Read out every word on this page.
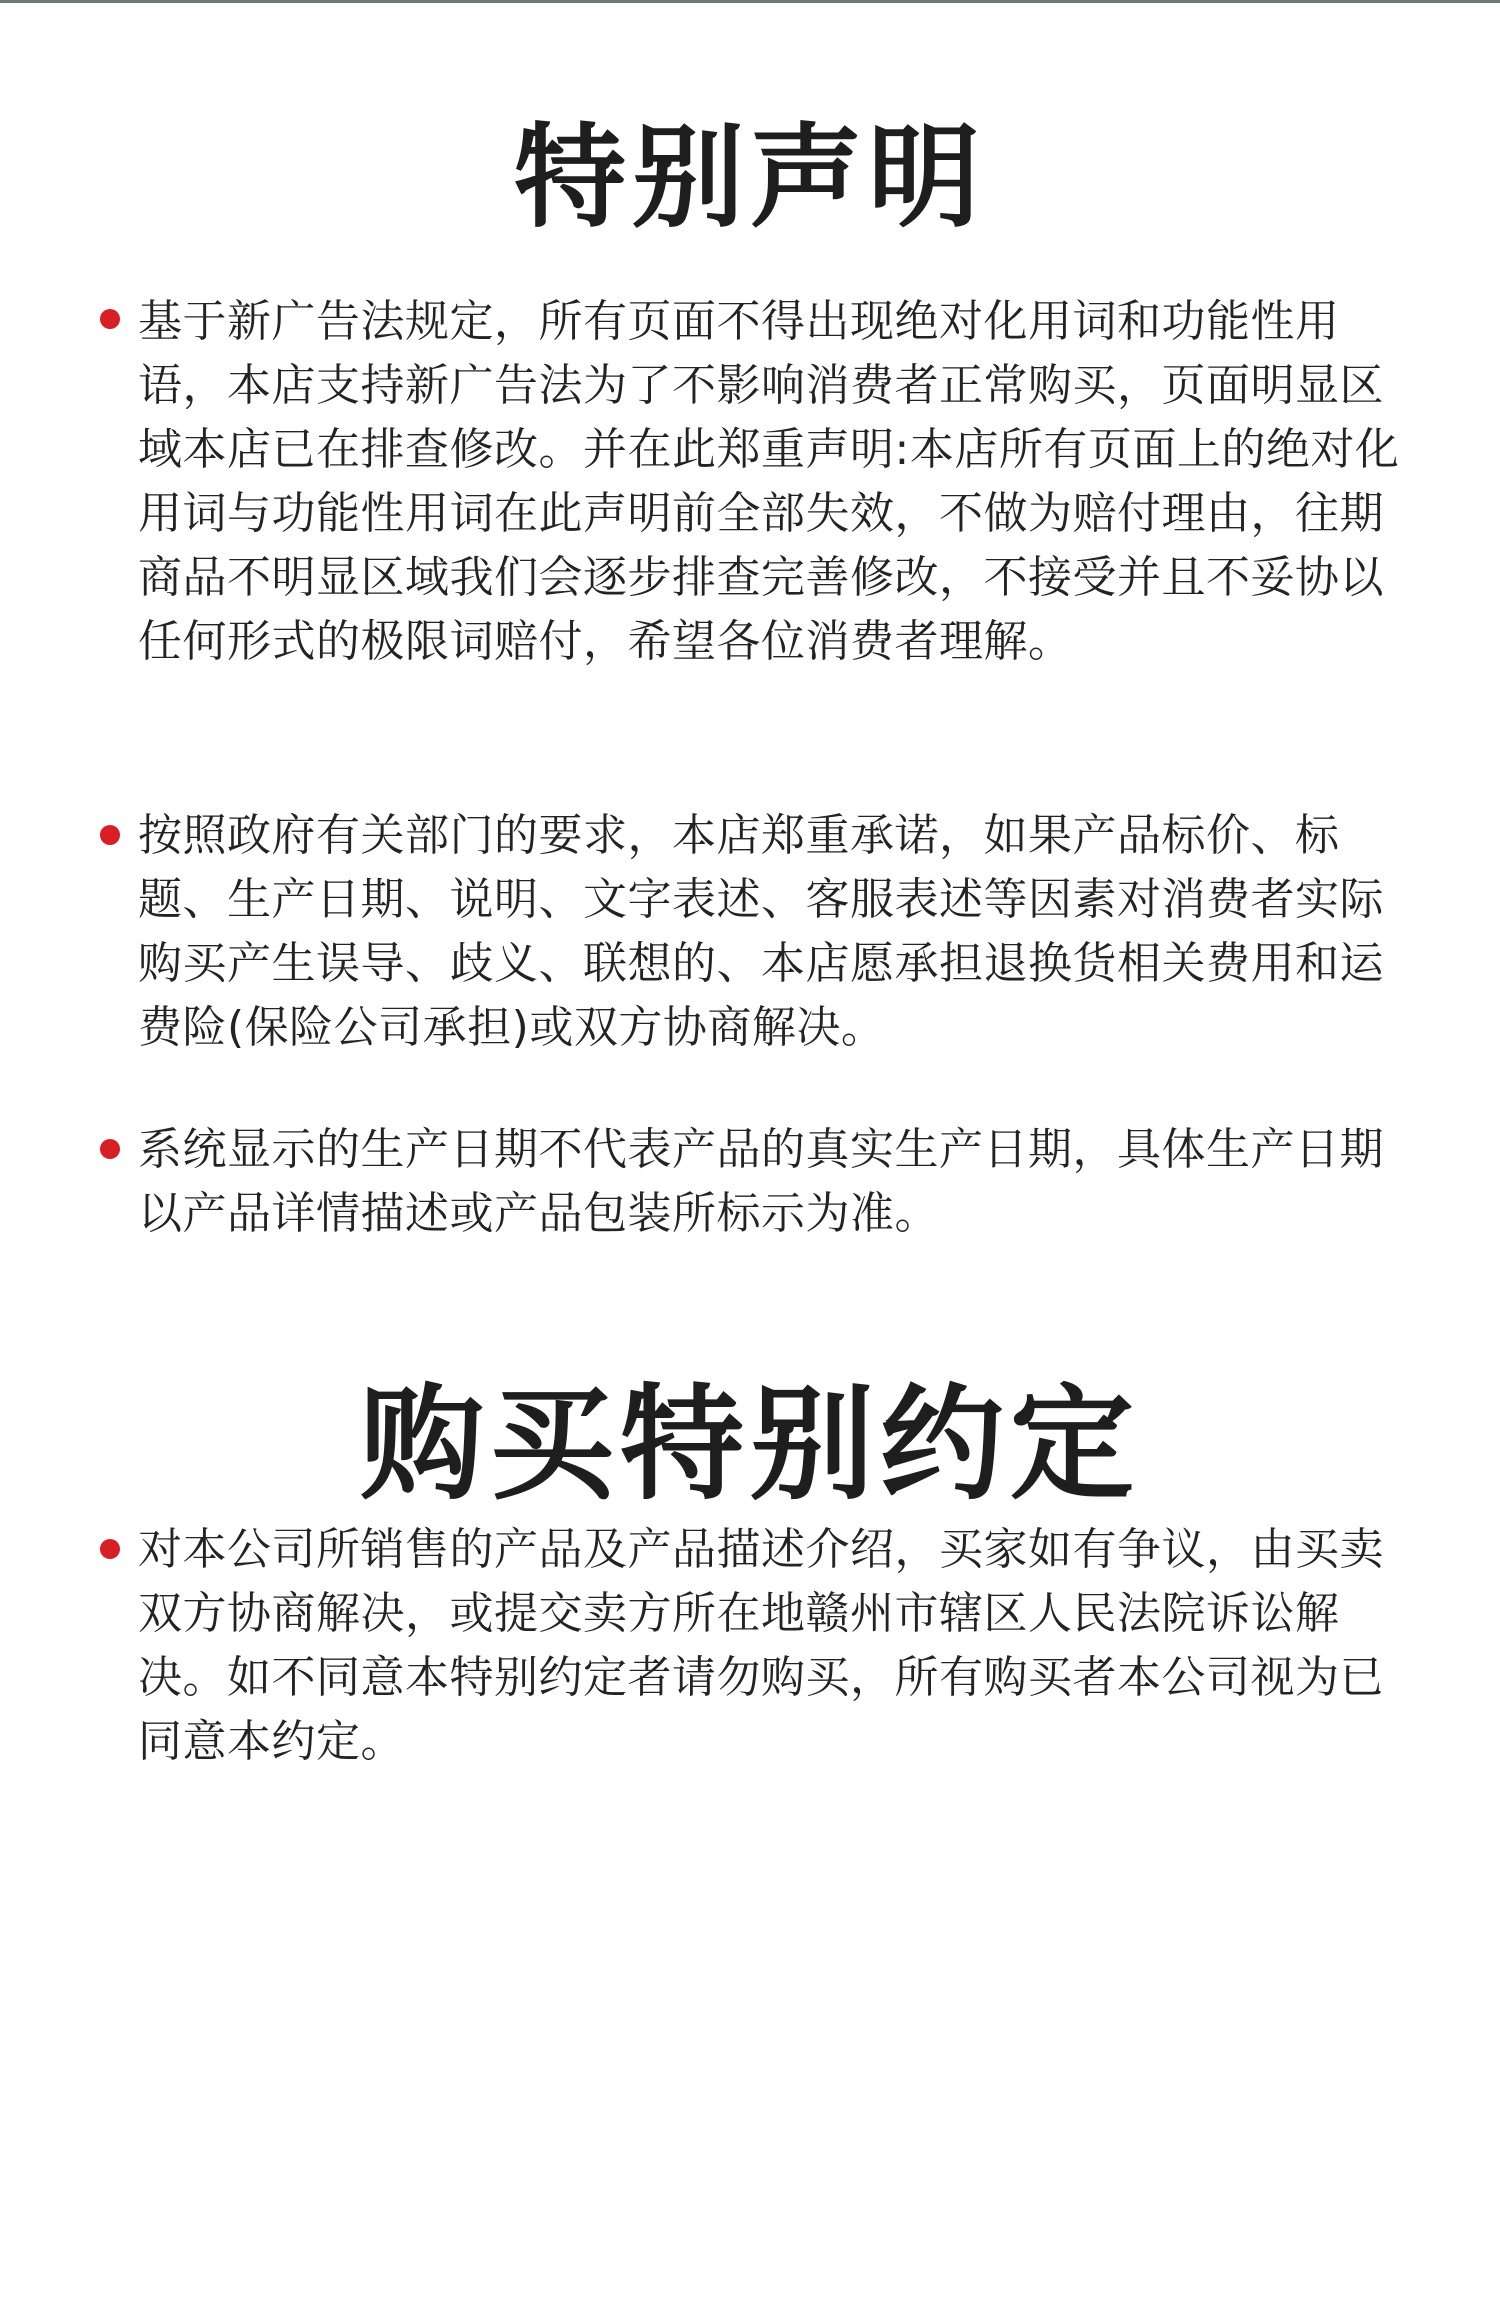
特别声明

基于新广告法规定，所有页面不得出现绝对化用词和功能性用语，本店支持新广告法为了不影响消费者正常购买，页面明显区域本店已在排查修改。并在此郑重声明:本店所有页面上的绝对化用词与功能性用词在此声明前全部失效，不做为赔付理由，往期商品不明显区域我们会逐步排查完善修改，不接受并且不妥协以任何形式的极限词赔付，希望各位消费者理解。

按照政府有关部门的要求，本店郑重承诺，如果产品标价、标题、生产日期、说明、文字表述、客服表述等因素对消费者实际购买产生误导、歧义、联想的、本店愿承担退换货相关费用和运费险(保险公司承担)或双方协商解决。

系统显示的生产日期不代表产品的真实生产日期，具体生产日期以产品详情描述或产品包装所标示为准。

购买特别约定

对本公司所销售的产品及产品描述介绍，买家如有争议，由买卖双方协商解决，或提交卖方所在地赣州市辖区人民法院诉讼解决。如不同意本特别约定者请勿购买，所有购买者本公司视为已同意本约定。
